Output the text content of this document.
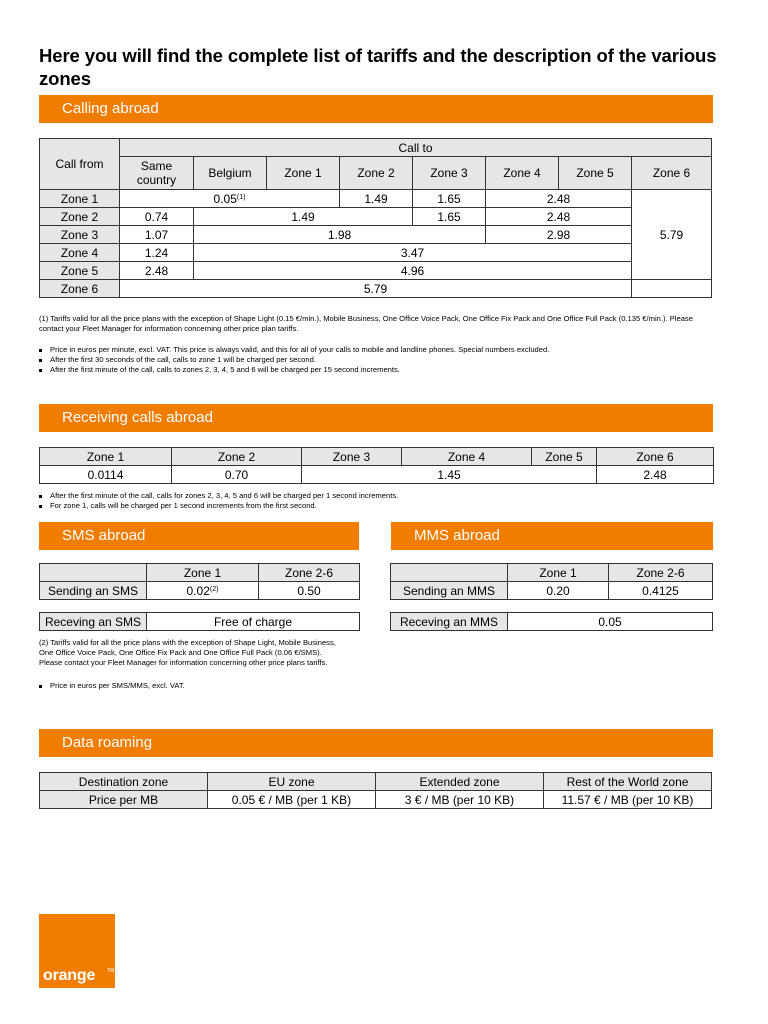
Here you will find the complete list of tariffs and the description of the various zones
Calling abroad
Call from	Call to							
	Same country	Belgium	Zone 1	Zone 2	Zone 3	Zone 4	Zone 5	Zone 6
Zone 1	0.05$^{(1)}$			1.49	1.65	2.48		5.79
Zone 2	0.74	1.49			1.65	2.48		
Zone 3	1.07	1.98				2.98		
Zone 4	1.24	3.47						
Zone 5	2.48	4.96						
Zone 6	5.79							
(1) Tariffs valid for all the price plans with the exception of Shape Light (0.15 €/min.), Mobile Business, One Office Voice Pack, One Office Fix Pack and One Office Full Pack (0.135 €/min.). Please contact your Fleet Manager for information concerning other price plan tariffs.
Price in euros per minute, excl. VAT. This price is always valid, and this for all of your calls to mobile and landline phones. Special numbers excluded.
After the first 30 seconds of the call, calls to zone 1 will be charged per second.
After the first minute of the call, calls to zones 2, 3, 4, 5 and 6 will be charged per 15 second increments.
Receiving calls abroad
Zone 1	Zone 2	Zone 3	Zone 4	Zone 5	Zone 6
0.0114	0.70	1.45			2.48
After the first minute of the call, calls for zones 2, 3, 4, 5 and 6 will be charged per 1 second increments.
For zone 1, calls will be charged per 1 second increments from the first second.
SMS abroad
	Zone 1	Zone 2-6
Sending an SMS	0.02$^{(2)}$	0.50
Receving an SMS	Free of charge
MMS abroad
	Zone 1	Zone 2-6
Sending an MMS	0.20	0.4125
Receving an MMS	0.05
(2) Tariffs valid for all the price plans with the exception of Shape Light, Mobile Business,
One Office Voice Pack, One Office Fix Pack and One Office Full Pack (0.06 €/SMS).
Please contact your Fleet Manager for information concerning other price plans tariffs.
Price in euros per SMS/MMS, excl. VAT.
Data roaming
Destination zone	EU zone	Extended zone	Rest of the World zone
Price per MB	0.05 € / MB (per 1 KB)	3 € / MB (per 10 KB)	11.57 € / MB (per 10 KB)
orange TM
